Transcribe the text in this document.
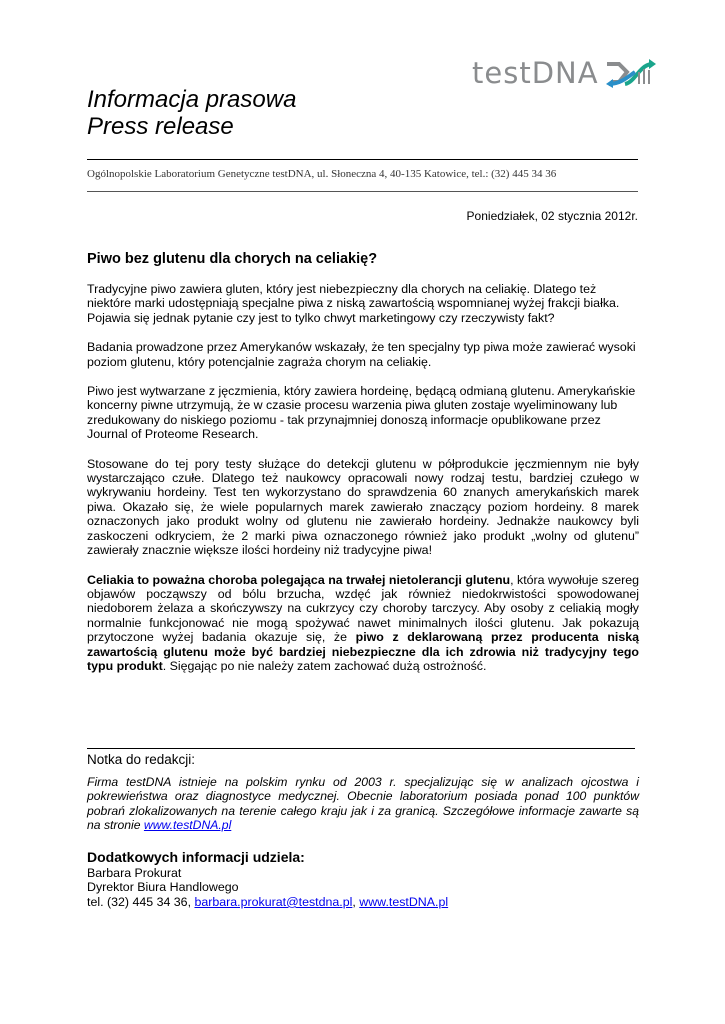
testDNA
Informacja prasowa
Press release
Ogólnopolskie Laboratorium Genetyczne testDNA, ul. Słoneczna 4, 40-135 Katowice, tel.: (32) 445 34 36
Poniedziałek, 02 stycznia 2012r.
Piwo bez glutenu dla chorych na celiakię?

Tradycyjne piwo zawiera gluten, który jest niebezpieczny dla chorych na celiakię. Dlatego też niektóre marki udostępniają specjalne piwa z niską zawartością wspomnianej wyżej frakcji białka. Pojawia się jednak pytanie czy jest to tylko chwyt marketingowy czy rzeczywisty fakt?

Badania prowadzone przez Amerykanów wskazały, że ten specjalny typ piwa może zawierać wysoki poziom glutenu, który potencjalnie zagraża chorym na celiakię.

Piwo jest wytwarzane z jęczmienia, który zawiera hordeinę, będącą odmianą glutenu. Amerykańskie koncerny piwne utrzymują, że w czasie procesu warzenia piwa gluten zostaje wyeliminowany lub zredukowany do niskiego poziomu - tak przynajmniej donoszą informacje opublikowane przez Journal of Proteome Research.

Stosowane do tej pory testy służące do detekcji glutenu w półprodukcie jęczmiennym nie były wystarczająco czułe. Dlatego też naukowcy opracowali nowy rodzaj testu, bardziej czułego w wykrywaniu hordeiny. Test ten wykorzystano do sprawdzenia 60 znanych amerykańskich marek piwa. Okazało się, że wiele popularnych marek zawierało znaczący poziom hordeiny. 8 marek oznaczonych jako produkt wolny od glutenu nie zawierało hordeiny. Jednakże naukowcy byli zaskoczeni odkryciem, że 2 marki piwa oznaczonego również jako produkt „wolny od glutenu” zawierały znacznie większe ilości hordeiny niż tradycyjne piwa!

Celiakia to poważna choroba polegająca na trwałej nietolerancji glutenu, która wywołuje szereg objawów począwszy od bólu brzucha, wzdęć jak również niedokrwistości spowodowanej niedoborem żelaza a skończywszy na cukrzycy czy choroby tarczycy. Aby osoby z celiakią mogły normalnie funkcjonować nie mogą spożywać nawet minimalnych ilości glutenu. Jak pokazują przytoczone wyżej badania okazuje się, że piwo z deklarowaną przez producenta niską zawartością glutenu może być bardziej niebezpieczne dla ich zdrowia niż tradycyjny tego typu produkt. Sięgając po nie należy zatem zachować dużą ostrożność.

Notka do redakcji:
Firma testDNA istnieje na polskim rynku od 2003 r. specjalizując się w analizach ojcostwa i pokrewieństwa oraz diagnostyce medycznej. Obecnie laboratorium posiada ponad 100 punktów pobrań zlokalizowanych na terenie całego kraju jak i za granicą. Szczegółowe informacje zawarte są na stronie www.testDNA.pl
Dodatkowych informacji udziela:
Barbara Prokurat
Dyrektor Biura Handlowego
tel. (32) 445 34 36, barbara.prokurat@testdna.pl, www.testDNA.pl
